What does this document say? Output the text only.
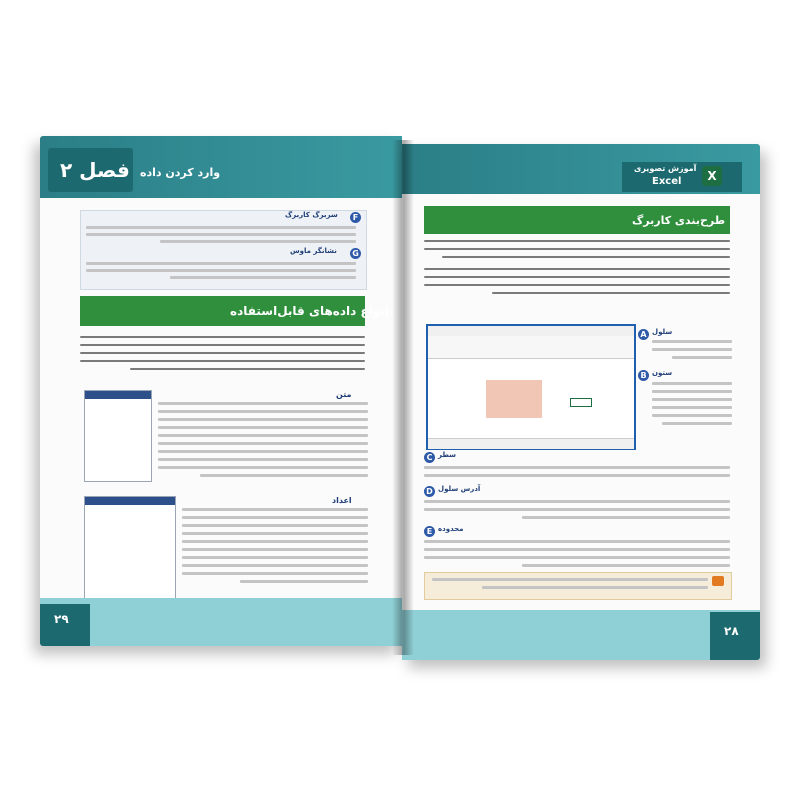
وارد کردن داده
فصل ۲
F
سربرگ کاربرگ
G
نشانگر ماوس
انواع داده‌های قابل‌استفاده
متن
اعداد
۲۹
آموزش تصویری
Excel	X
طرح‌بندی کاربرگ
A سلول
B ستون
C سطر
D آدرس سلول
E محدوده
۲۸
